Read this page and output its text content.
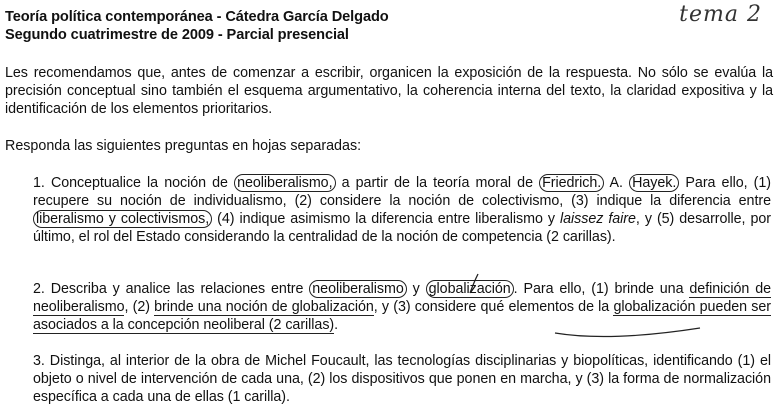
Teoría política contemporánea - Cátedra García Delgado
Segundo cuatrimestre de 2009 - Parcial presencial
tema 2
Les recomendamos que, antes de comenzar a escribir, organicen la exposición de la respuesta. No sólo se evalúa la precisión conceptual sino también el esquema argumentativo, la coherencia interna del texto, la claridad expositiva y la identificación de los elementos prioritarios.
Responda las siguientes preguntas en hojas separadas:
1. Conceptualice la noción de neoliberalismo, a partir de la teoría moral de Friedrich. A. Hayek. Para ello, (1) recupere su noción de individualismo, (2) considere la noción de colectivismo, (3) indique la diferencia entre liberalismo y colectivismos, (4) indique asimismo la diferencia entre liberalismo y laissez faire, y (5) desarrolle, por último, el rol del Estado considerando la centralidad de la noción de competencia (2 carillas).
2. Describa y analice las relaciones entre neoliberalismo y globalización . Para ello, (1) brinde una definición de neoliberalismo, (2) brinde una noción de globalización, y (3) considere qué elementos de la globalización pueden ser asociados a la concepción neoliberal (2 carillas).
3. Distinga, al interior de la obra de Michel Foucault, las tecnologías disciplinarias y biopolíticas, identificando (1) el objeto o nivel de intervención de cada una, (2) los dispositivos que ponen en marcha, y (3) la forma de normalización específica a cada una de ellas (1 carilla).
